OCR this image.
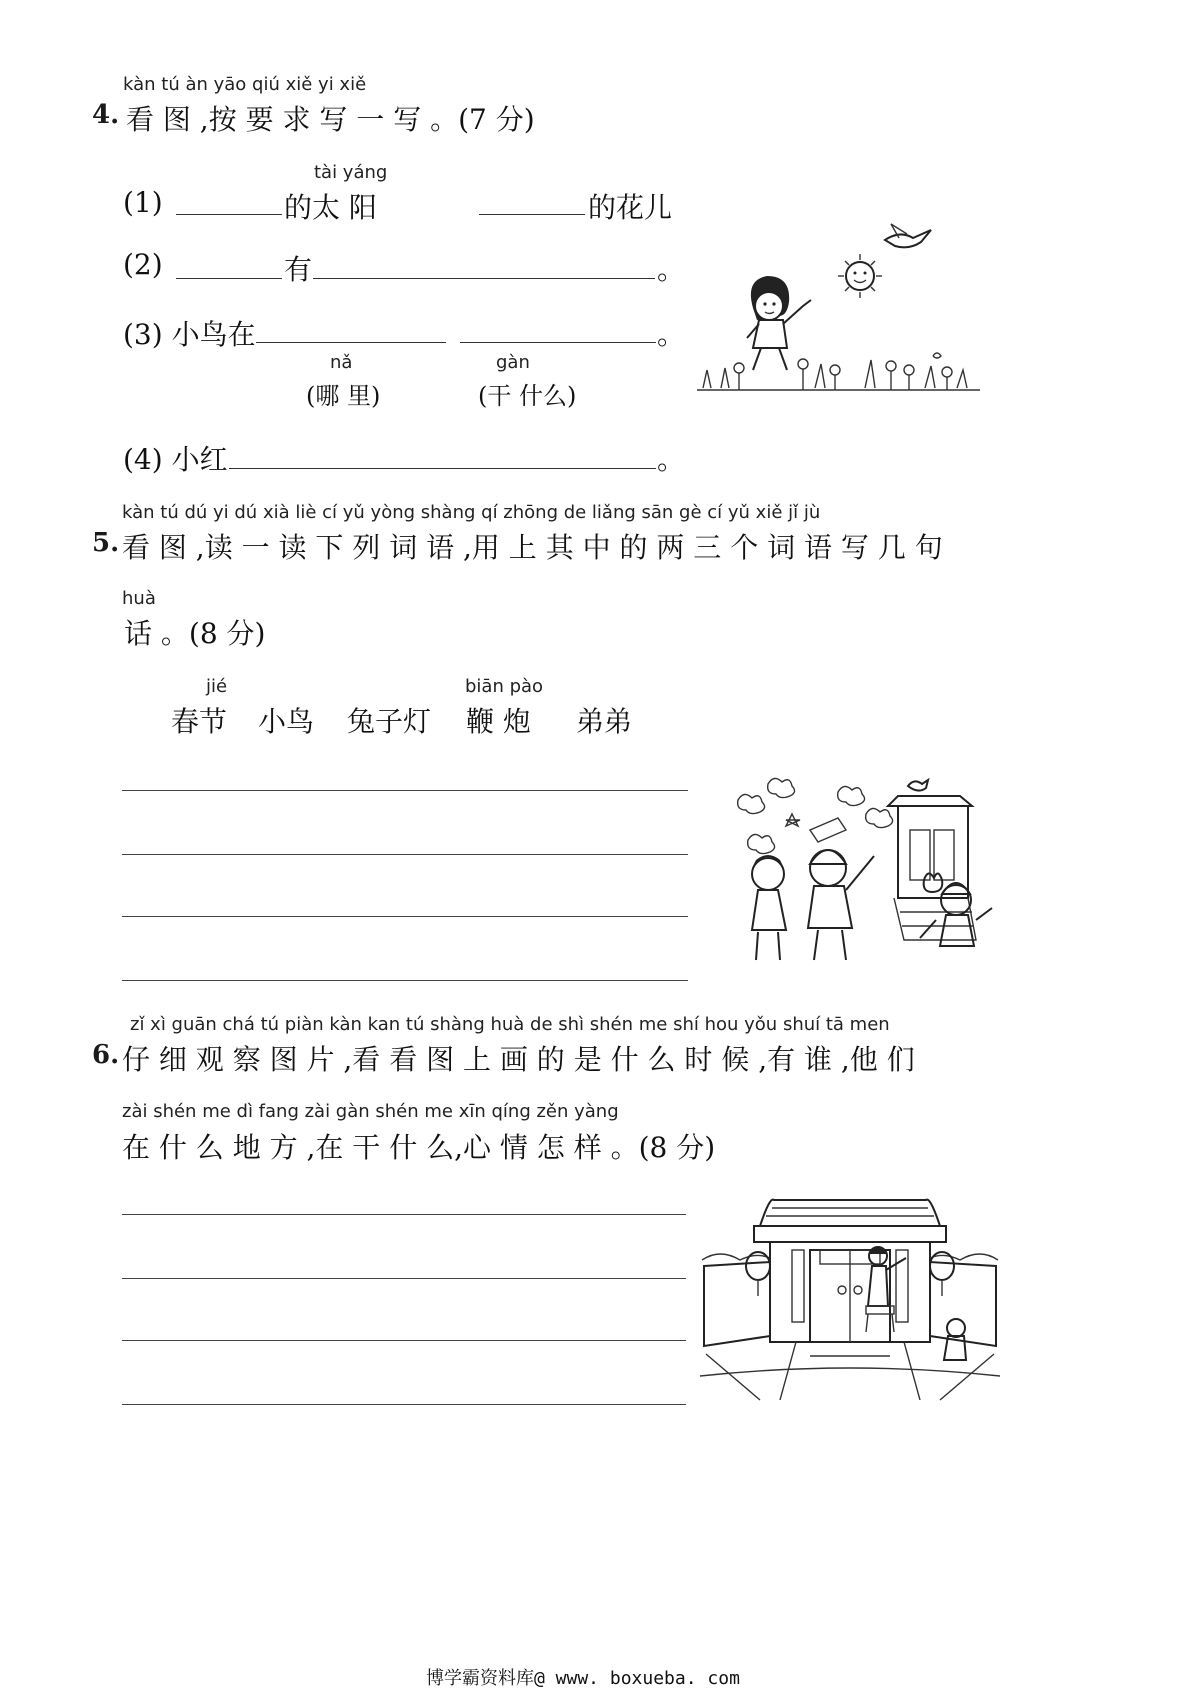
kàn tú àn yāo qiú xiě yi xiě
4. 看 图 ,按 要 求 写 一 写 。(7 分)
tài yáng
(1)	的太 阳	的花儿
(2)	有	。
(3) 小鸟在	。
nǎ
(哪 里)
gàn
(干 什么)
(4) 小红	。
kàn tú dú yi dú xià liè cí yǔ yòng shàng qí zhōng de liǎng sān gè cí yǔ xiě jǐ jù
5. 看 图 ,读 一 读 下 列 词 语 ,用 上 其 中 的 两 三 个 词 语 写 几 句
huà
话 。(8 分)
jié	biān pào
春节 小鸟 兔子灯 鞭 炮 弟弟
zǐ xì guān chá tú piàn kàn kan tú shàng huà de shì shén me shí hou yǒu shuí tā men
6. 仔 细 观 察 图 片 ,看 看 图 上 画 的 是 什 么 时 候 ,有 谁 ,他 们
zài shén me dì fang zài gàn shén me xīn qíng zěn yàng
在 什 么 地 方 ,在 干 什 么,心 情 怎 样 。(8 分)
博学霸资料库@ www. boxueba. com
